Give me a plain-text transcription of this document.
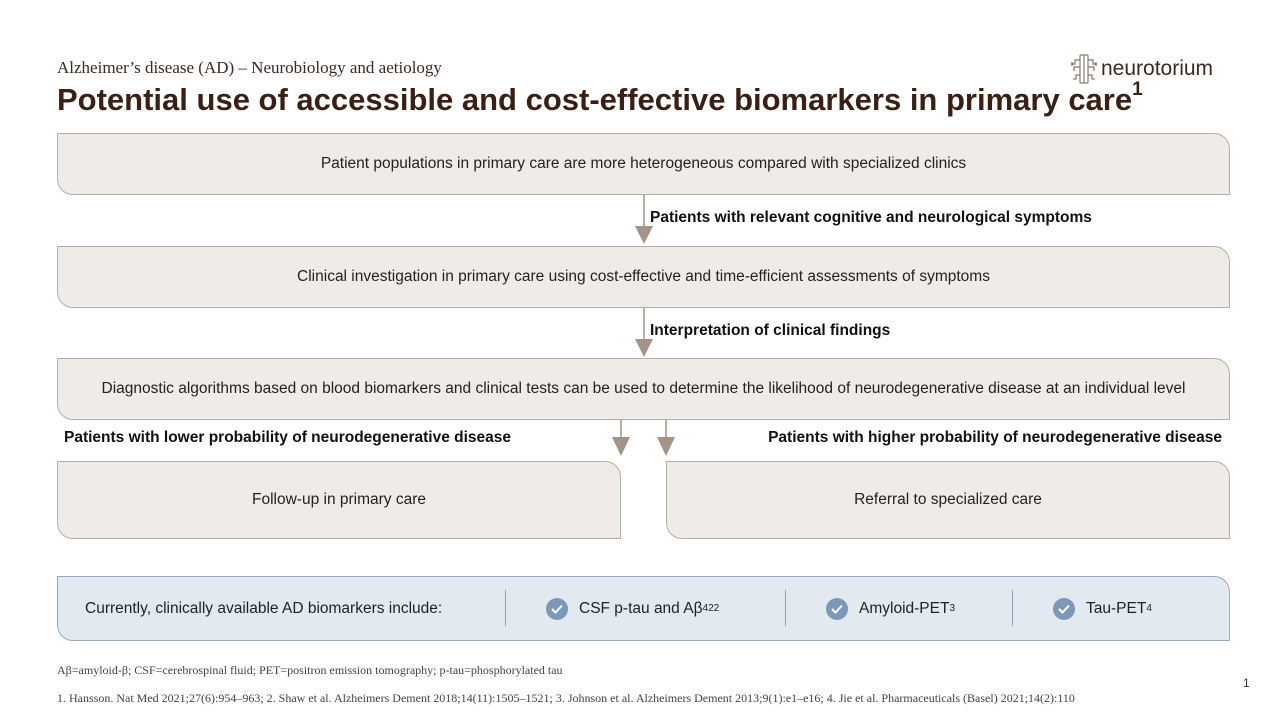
Alzheimer’s disease (AD) – Neurobiology and aetiology
Potential use of accessible and cost-effective biomarkers in primary care$^1$
neurotorium
Patient populations in primary care are more heterogeneous compared with specialized clinics
Patients with relevant cognitive and neurological symptoms
Clinical investigation in primary care using cost-effective and time-efficient assessments of symptoms
Interpretation of clinical findings
Diagnostic algorithms based on blood biomarkers and clinical tests can be used to determine the likelihood of neurodegenerative disease at an individual level
Patients with lower probability of neurodegenerative disease	Patients with higher probability of neurodegenerative disease
Follow-up in primary care	Referral to specialized care
Currently, clinically available AD biomarkers include:	CSF p-tau and Aβ 42 2	Amyloid-PET 3	Tau-PET 4
Aβ=amyloid-β; CSF=cerebrospinal fluid; PET=positron emission tomography; p-tau=phosphorylated tau
1. Hansson. Nat Med 2021;27(6):954–963; 2. Shaw et al. Alzheimers Dement 2018;14(11):1505–1521; 3. Johnson et al. Alzheimers Dement 2013;9(1):e1–e16; 4. Jie et al. Pharmaceuticals (Basel) 2021;14(2):110
1
